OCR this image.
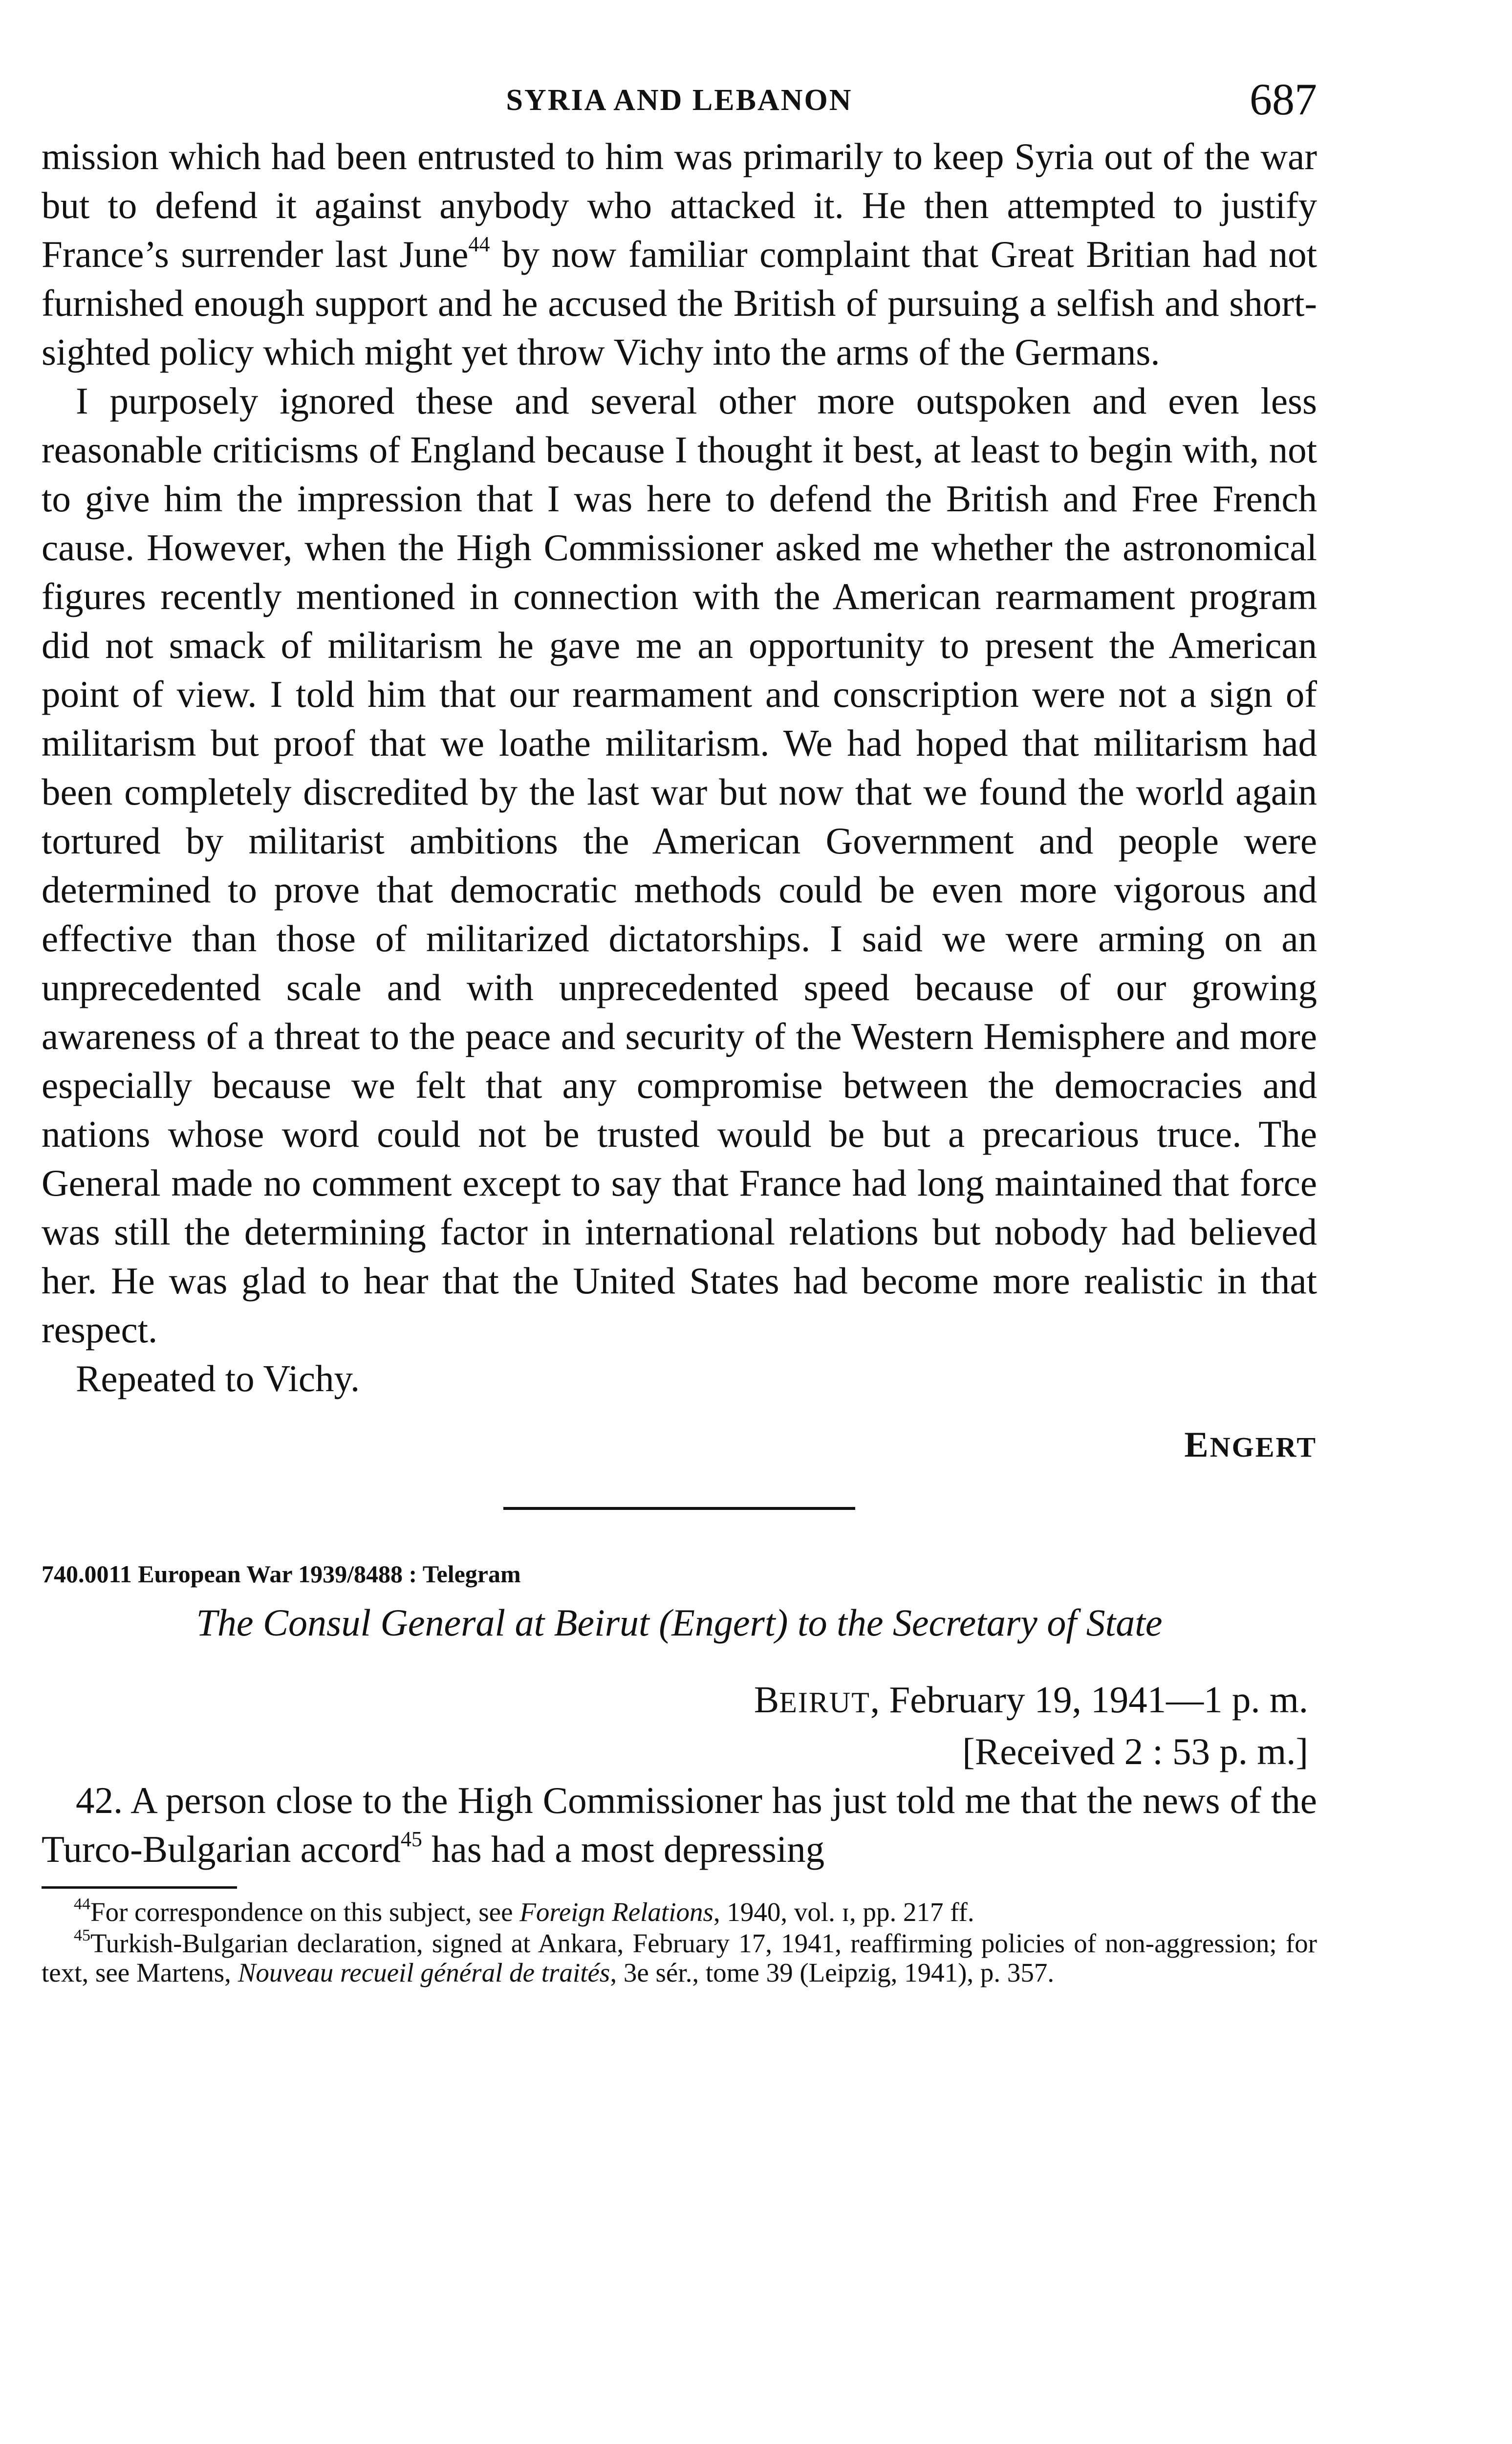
SYRIA AND LEBANON	687

mission which had been entrusted to him was primarily to keep Syria out of the war but to defend it against anybody who attacked it. He then attempted to justify France’s surrender last June$^{44}$ by now familiar complaint that Great Britian had not furnished enough support and he accused the British of pursuing a selfish and short-sighted policy which might yet throw Vichy into the arms of the Germans.

I purposely ignored these and several other more outspoken and even less reasonable criticisms of England because I thought it best, at least to begin with, not to give him the impression that I was here to defend the British and Free French cause. However, when the High Commissioner asked me whether the astronomical figures recently mentioned in connection with the American rearmament program did not smack of militarism he gave me an opportunity to present the American point of view. I told him that our rearmament and conscription were not a sign of militarism but proof that we loathe militarism. We had hoped that militarism had been completely discredited by the last war but now that we found the world again tortured by militarist ambitions the American Government and people were determined to prove that democratic methods could be even more vigorous and effective than those of militarized dictatorships. I said we were arming on an unprecedented scale and with unprecedented speed because of our growing awareness of a threat to the peace and security of the Western Hemisphere and more especially because we felt that any compromise between the democracies and nations whose word could not be trusted would be but a precarious truce. The General made no comment except to say that France had long maintained that force was still the determining factor in international relations but nobody had believed her. He was glad to hear that the United States had become more realistic in that respect.

Repeated to Vichy.

ENGERT
740.0011 European War 1939/8488 : Telegram
The Consul General at Beirut (Engert) to the Secretary of State
BEIRUT, February 19, 1941—1 p. m.
[Received 2 : 53 p. m.]

42. A person close to the High Commissioner has just told me that the news of the Turco-Bulgarian accord$^{45}$ has had a most depressing

$^{44}$For correspondence on this subject, see Foreign Relations, 1940, vol. ɪ, pp. 217 ff.

$^{45}$Turkish-Bulgarian declaration, signed at Ankara, February 17, 1941, reaffirming policies of non-aggression; for text, see Martens, Nouveau recueil général de traités, 3e sér., tome 39 (Leipzig, 1941), p. 357.
